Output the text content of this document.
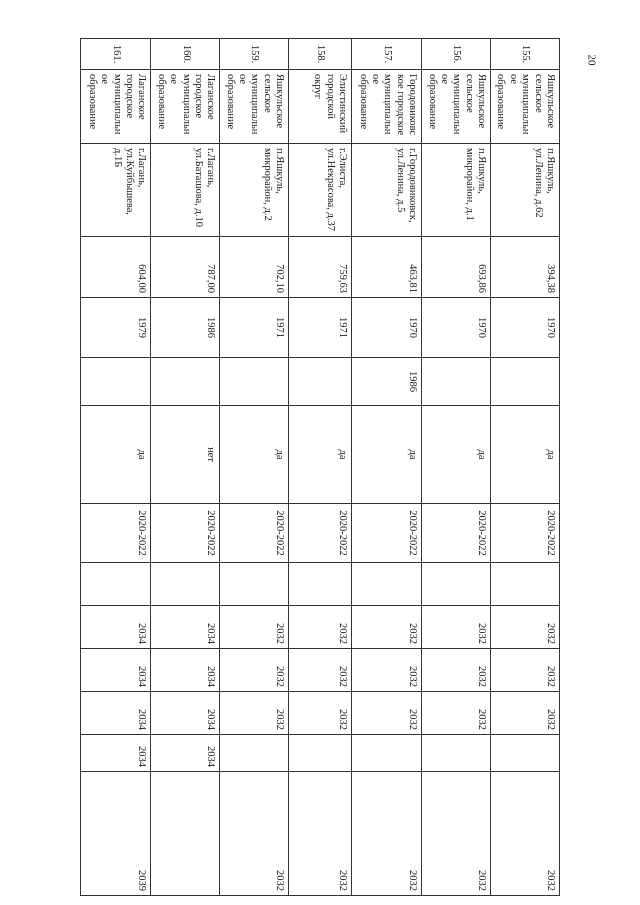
20
155.	Яшкульское сельское муниципальное образование	п.Яшкуль, ул.Ленина, д.62	394,38	1970		да	2020-2022		2032	2032	2032		2032
156.	Яшкульское сельское муниципальное образование	п.Яшкуль, микрорайон, д.1	693,86	1970		да	2020-2022		2032	2032	2032		2032
157.	Городовиковское городское муниципальное образование	г.Городовиковск, ул.Ленина, д.5	463,81	1970	1986	да	2020-2022		2032	2032	2032		2032
158.	Элистинский городской округ	г.Элиста, ул.Некрасова, д.37	759,63	1971		да	2020-2022		2032	2032	2032		2032
159.	Яшкульское сельское муниципальное образование	п.Яшкуль, микрорайон, д.2	702,10	1971		да	2020-2022		2032	2032	2032		2032
160.	Лаганское городское муниципальное образование	г.Лагань, ул.Баташова, д.10	787,00	1986		нет	2020-2022		2034	2034	2034	2034	
161.	Лаганское городское муниципальное образование	г.Лагань, ул.Куйбышева, д.1Б	604,00	1979		да	2020-2022		2034	2034	2034	2034	2039
